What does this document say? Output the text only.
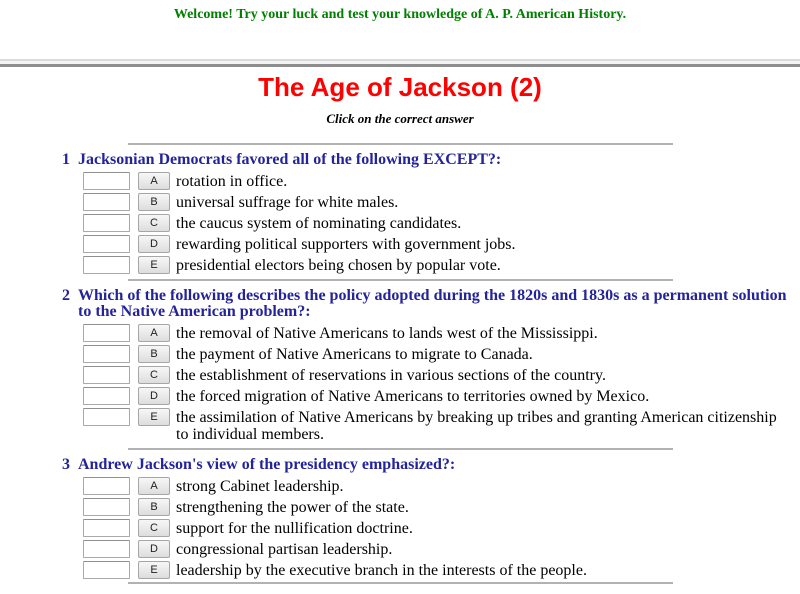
Welcome! Try your luck and test your knowledge of A. P. American History.
The Age of Jackson (2)
Click on the correct answer
1 Jacksonian Democrats favored all of the following EXCEPT?:
A	rotation in office.
B	universal suffrage for white males.
C	the caucus system of nominating candidates.
D	rewarding political supporters with government jobs.
E	presidential electors being chosen by popular vote.
2 Which of the following describes the policy adopted during the 1820s and 1830s as a permanent solution to the Native American problem?:
A	the removal of Native Americans to lands west of the Mississippi.
B	the payment of Native Americans to migrate to Canada.
C	the establishment of reservations in various sections of the country.
D	the forced migration of Native Americans to territories owned by Mexico.
E	the assimilation of Native Americans by breaking up tribes and granting American citizenship to individual members.
3 Andrew Jackson's view of the presidency emphasized?:
A	strong Cabinet leadership.
B	strengthening the power of the state.
C	support for the nullification doctrine.
D	congressional partisan leadership.
E	leadership by the executive branch in the interests of the people.
